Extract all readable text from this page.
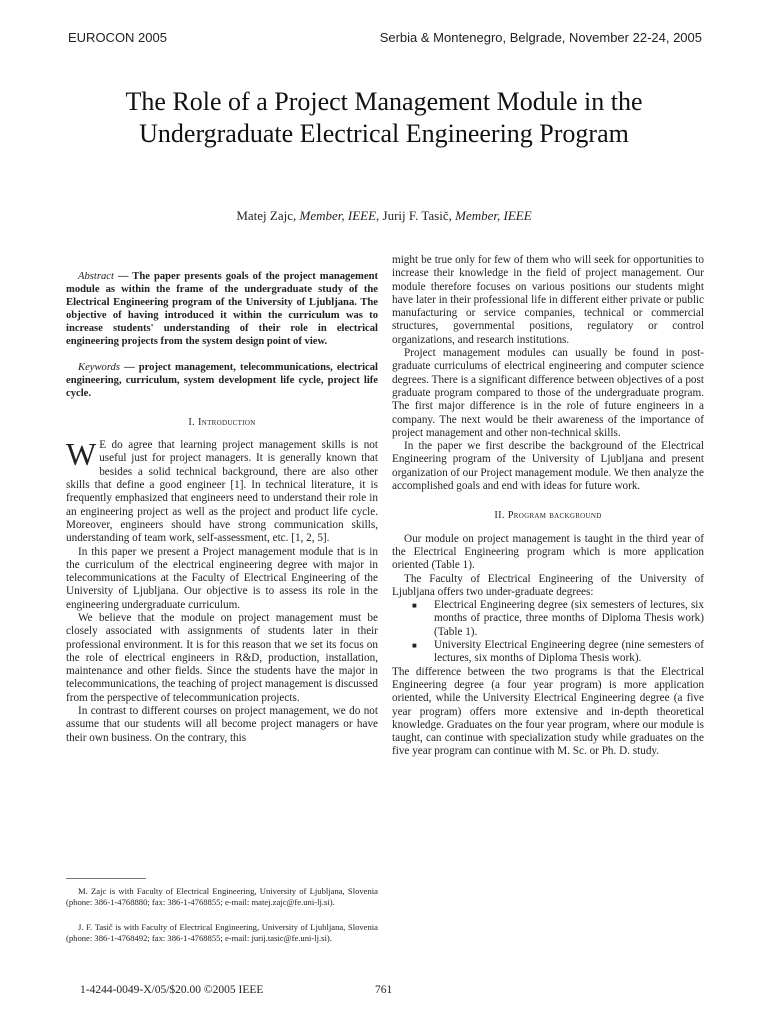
EUROCON 2005	Serbia & Montenegro, Belgrade, November 22-24, 2005
The Role of a Project Management Module in the Undergraduate Electrical Engineering Program
Matej Zajc, Member, IEEE, Jurij F. Tasič, Member, IEEE

Abstract — The paper presents goals of the project management module as within the frame of the undergraduate study of the Electrical Engineering program of the University of Ljubljana. The objective of having introduced it within the curriculum was to increase students' understanding of their role in electrical engineering projects from the system design point of view.

Keywords — project management, telecommunications, electrical engineering, curriculum, system development life cycle, project life cycle.

I. Introduction

W E do agree that learning project management skills is not useful just for project managers. It is generally known that besides a solid technical background, there are also other skills that define a good engineer [1]. In technical literature, it is frequently emphasized that engineers need to understand their role in an engineering project as well as the project and product life cycle. Moreover, engineers should have strong communication skills, understanding of team work, self-assessment, etc. [1, 2, 5].

In this paper we present a Project management module that is in the curriculum of the electrical engineering degree with major in telecommunications at the Faculty of Electrical Engineering of the University of Ljubljana. Our objective is to assess its role in the engineering undergraduate curriculum.

We believe that the module on project management must be closely associated with assignments of students later in their professional environment. It is for this reason that we set its focus on the role of electrical engineers in R&D, production, installation, maintenance and other fields. Since the students have the major in telecommunications, the teaching of project management is discussed from the perspective of telecommunication projects.

In contrast to different courses on project management, we do not assume that our students will all become project managers or have their own business. On the contrary, this

might be true only for few of them who will seek for opportunities to increase their knowledge in the field of project management. Our module therefore focuses on various positions our students might have later in their professional life in different either private or public manufacturing or service companies, technical or commercial structures, governmental positions, regulatory or control organizations, and research institutions.

Project management modules can usually be found in post-graduate curriculums of electrical engineering and computer science degrees. There is a significant difference between objectives of a post graduate program compared to those of the undergraduate program. The first major difference is in the role of future engineers in a company. The next would be their awareness of the importance of project management and other non-technical skills.

In the paper we first describe the background of the Electrical Engineering program of the University of Ljubljana and present organization of our Project management module. We then analyze the accomplished goals and end with ideas for future work.

II. Program background

Our module on project management is taught in the third year of the Electrical Engineering program which is more application oriented (Table 1).

The Faculty of Electrical Engineering of the University of Ljubljana offers two under-graduate degrees:

■ Electrical Engineering degree (six semesters of lectures, six months of practice, three months of Diploma Thesis work) (Table 1).
■ University Electrical Engineering degree (nine semesters of lectures, six months of Diploma Thesis work).

The difference between the two programs is that the Electrical Engineering degree (a four year program) is more application oriented, while the University Electrical Engineering degree (a five year program) offers more extensive and in-depth theoretical knowledge. Graduates on the four year program, where our module is taught, can continue with specialization study while graduates on the five year program can continue with M. Sc. or Ph. D. study.

M. Zajc is with Faculty of Electrical Engineering, University of Ljubljana, Slovenia (phone: 386-1-4768880; fax: 386-1-4768855; e-mail: matej.zajc@fe.uni-lj.si).

J. F. Tasič is with Faculty of Electrical Engineering, University of Ljubljana, Slovenia (phone: 386-1-4768492; fax: 386-1-4768855; e-mail: jurij.tasic@fe.uni-lj.si).

1-4244-0049-X/05/$20.00 ©2005 IEEE	761
